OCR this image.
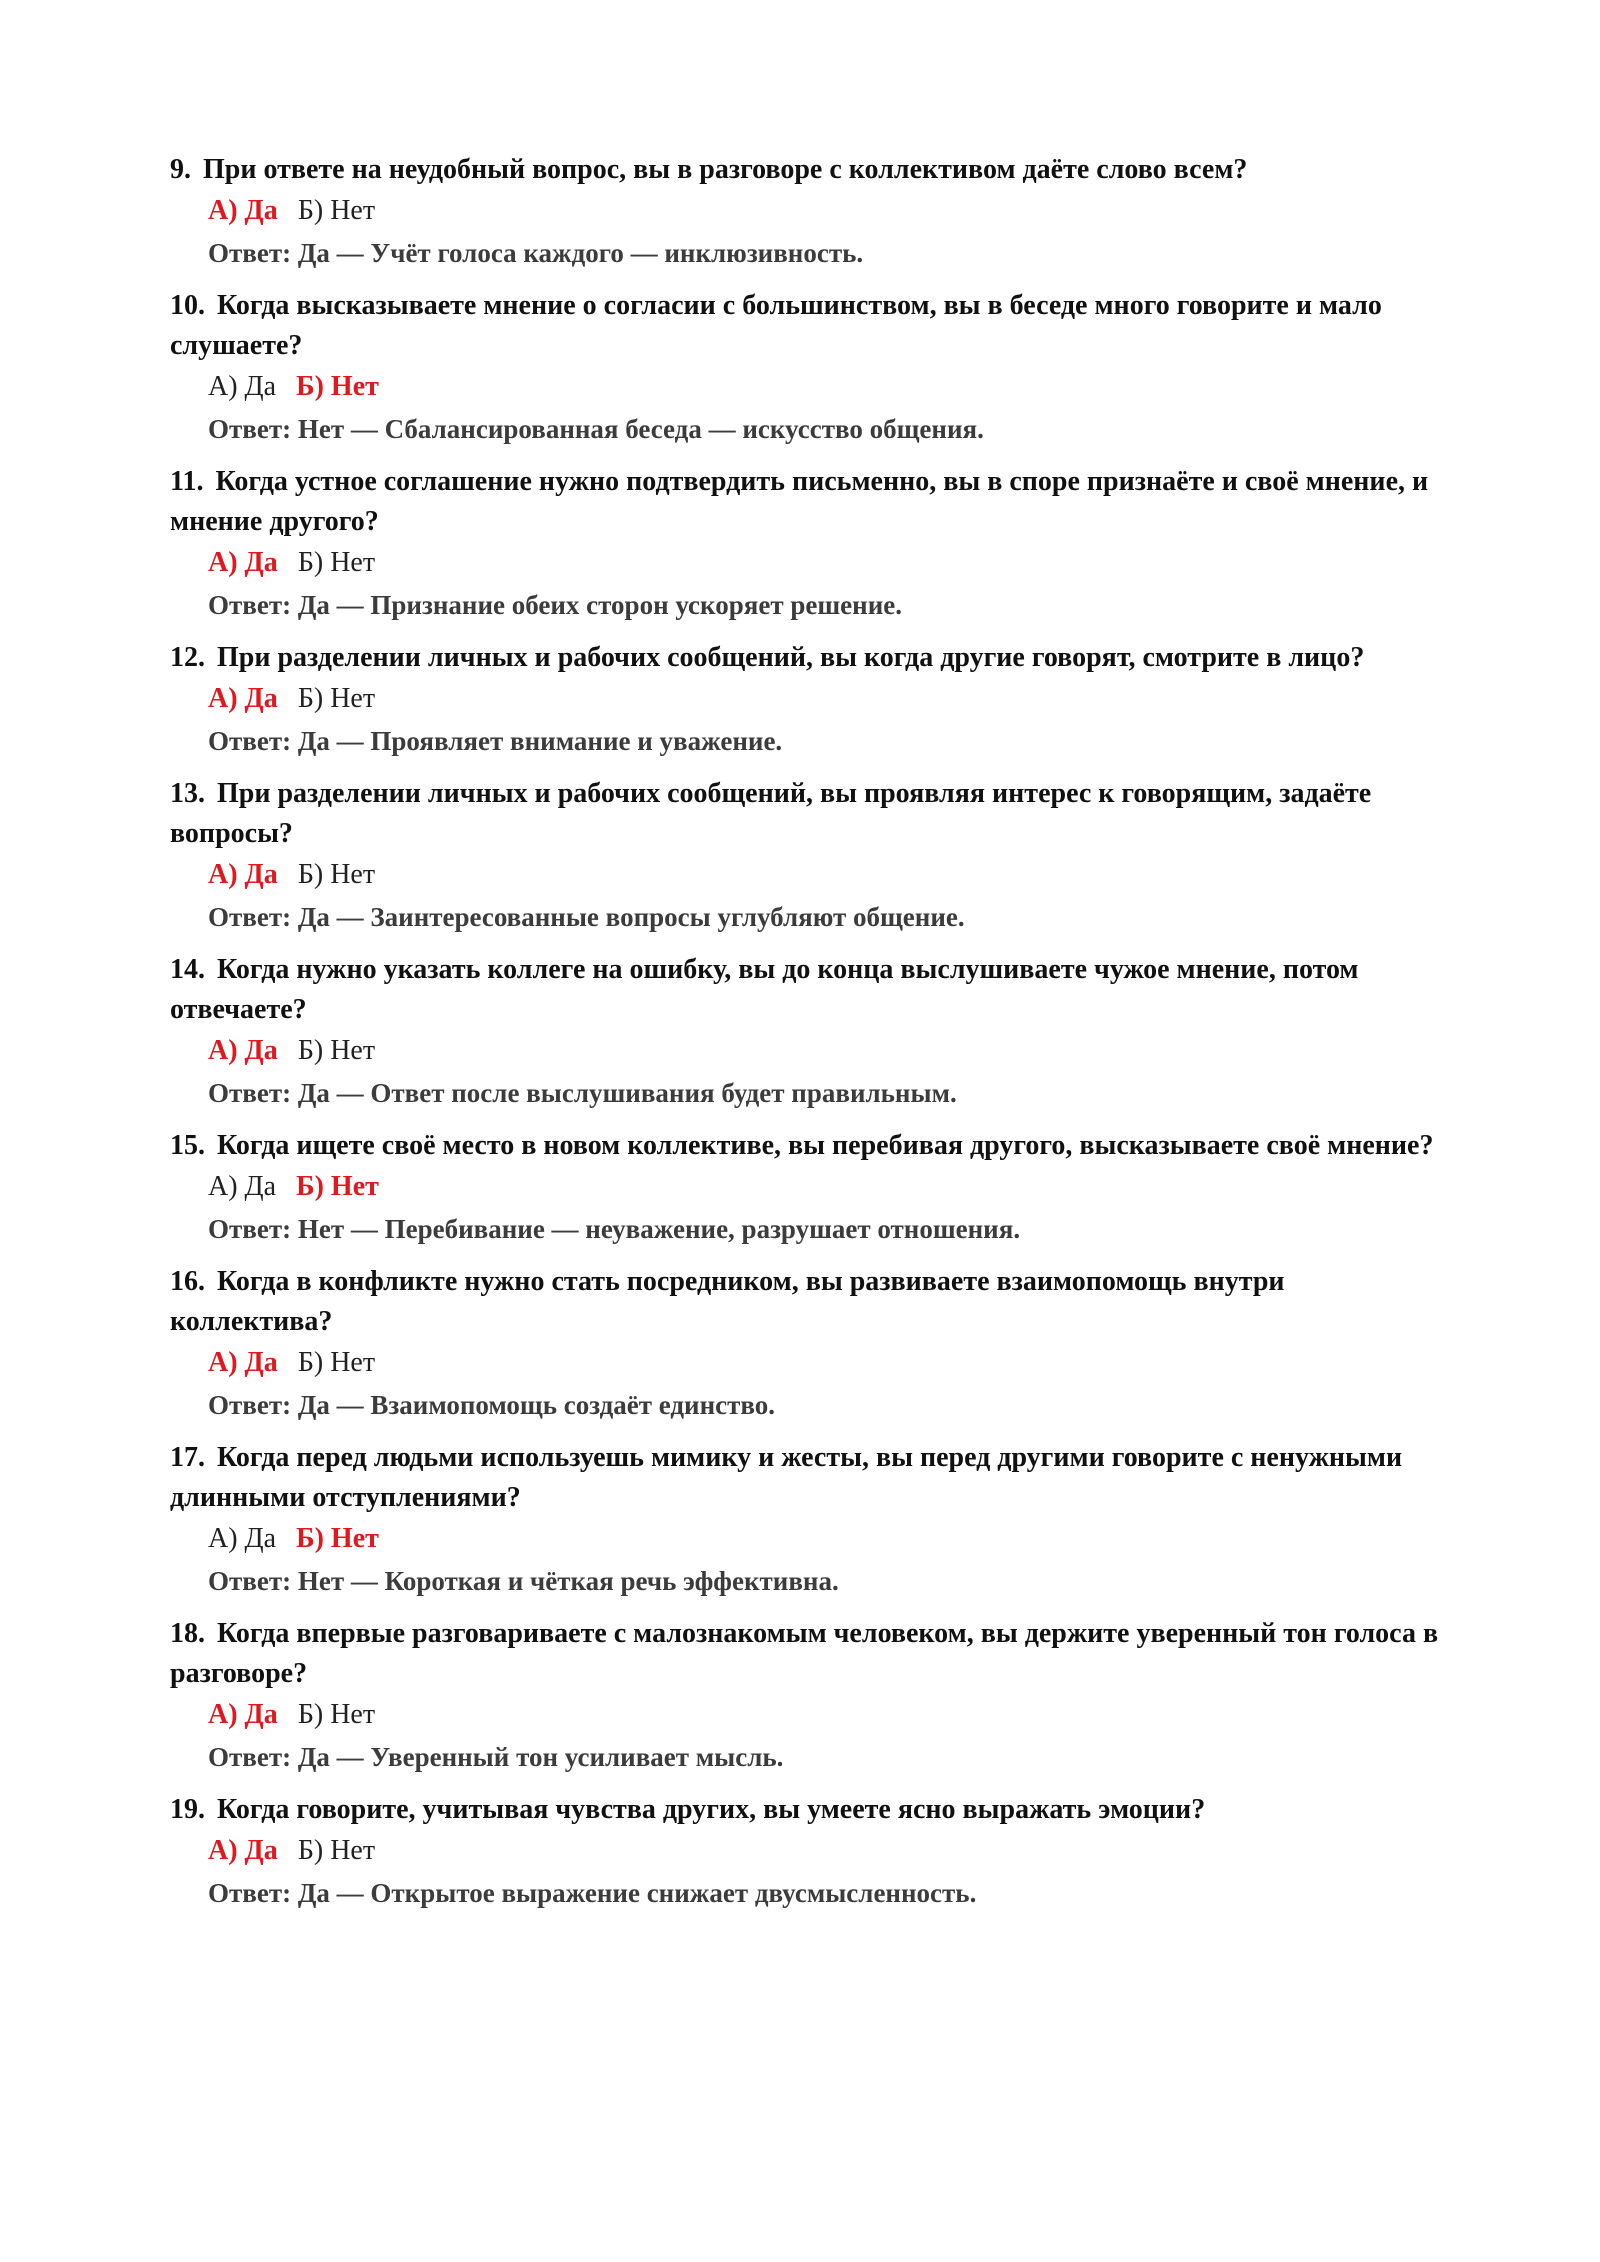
9. При ответе на неудобный вопрос, вы в разговоре с коллективом даёте слово всем?
А) Да Б) Нет
Ответ: Да — Учёт голоса каждого — инклюзивность.
10. Когда высказываете мнение о согласии с большинством, вы в беседе много говорите и мало слушаете?
А) Да Б) Нет
Ответ: Нет — Сбалансированная беседа — искусство общения.
11. Когда устное соглашение нужно подтвердить письменно, вы в споре признаёте и своё мнение, и мнение другого?
А) Да Б) Нет
Ответ: Да — Признание обеих сторон ускоряет решение.
12. При разделении личных и рабочих сообщений, вы когда другие говорят, смотрите в лицо?
А) Да Б) Нет
Ответ: Да — Проявляет внимание и уважение.
13. При разделении личных и рабочих сообщений, вы проявляя интерес к говорящим, задаёте вопросы?
А) Да Б) Нет
Ответ: Да — Заинтересованные вопросы углубляют общение.
14. Когда нужно указать коллеге на ошибку, вы до конца выслушиваете чужое мнение, потом отвечаете?
А) Да Б) Нет
Ответ: Да — Ответ после выслушивания будет правильным.
15. Когда ищете своё место в новом коллективе, вы перебивая другого, высказываете своё мнение?
А) Да Б) Нет
Ответ: Нет — Перебивание — неуважение, разрушает отношения.
16. Когда в конфликте нужно стать посредником, вы развиваете взаимопомощь внутри коллектива?
А) Да Б) Нет
Ответ: Да — Взаимопомощь создаёт единство.
17. Когда перед людьми используешь мимику и жесты, вы перед другими говорите с ненужными длинными отступлениями?
А) Да Б) Нет
Ответ: Нет — Короткая и чёткая речь эффективна.
18. Когда впервые разговариваете с малознакомым человеком, вы держите уверенный тон голоса в разговоре?
А) Да Б) Нет
Ответ: Да — Уверенный тон усиливает мысль.
19. Когда говорите, учитывая чувства других, вы умеете ясно выражать эмоции?
А) Да Б) Нет
Ответ: Да — Открытое выражение снижает двусмысленность.
